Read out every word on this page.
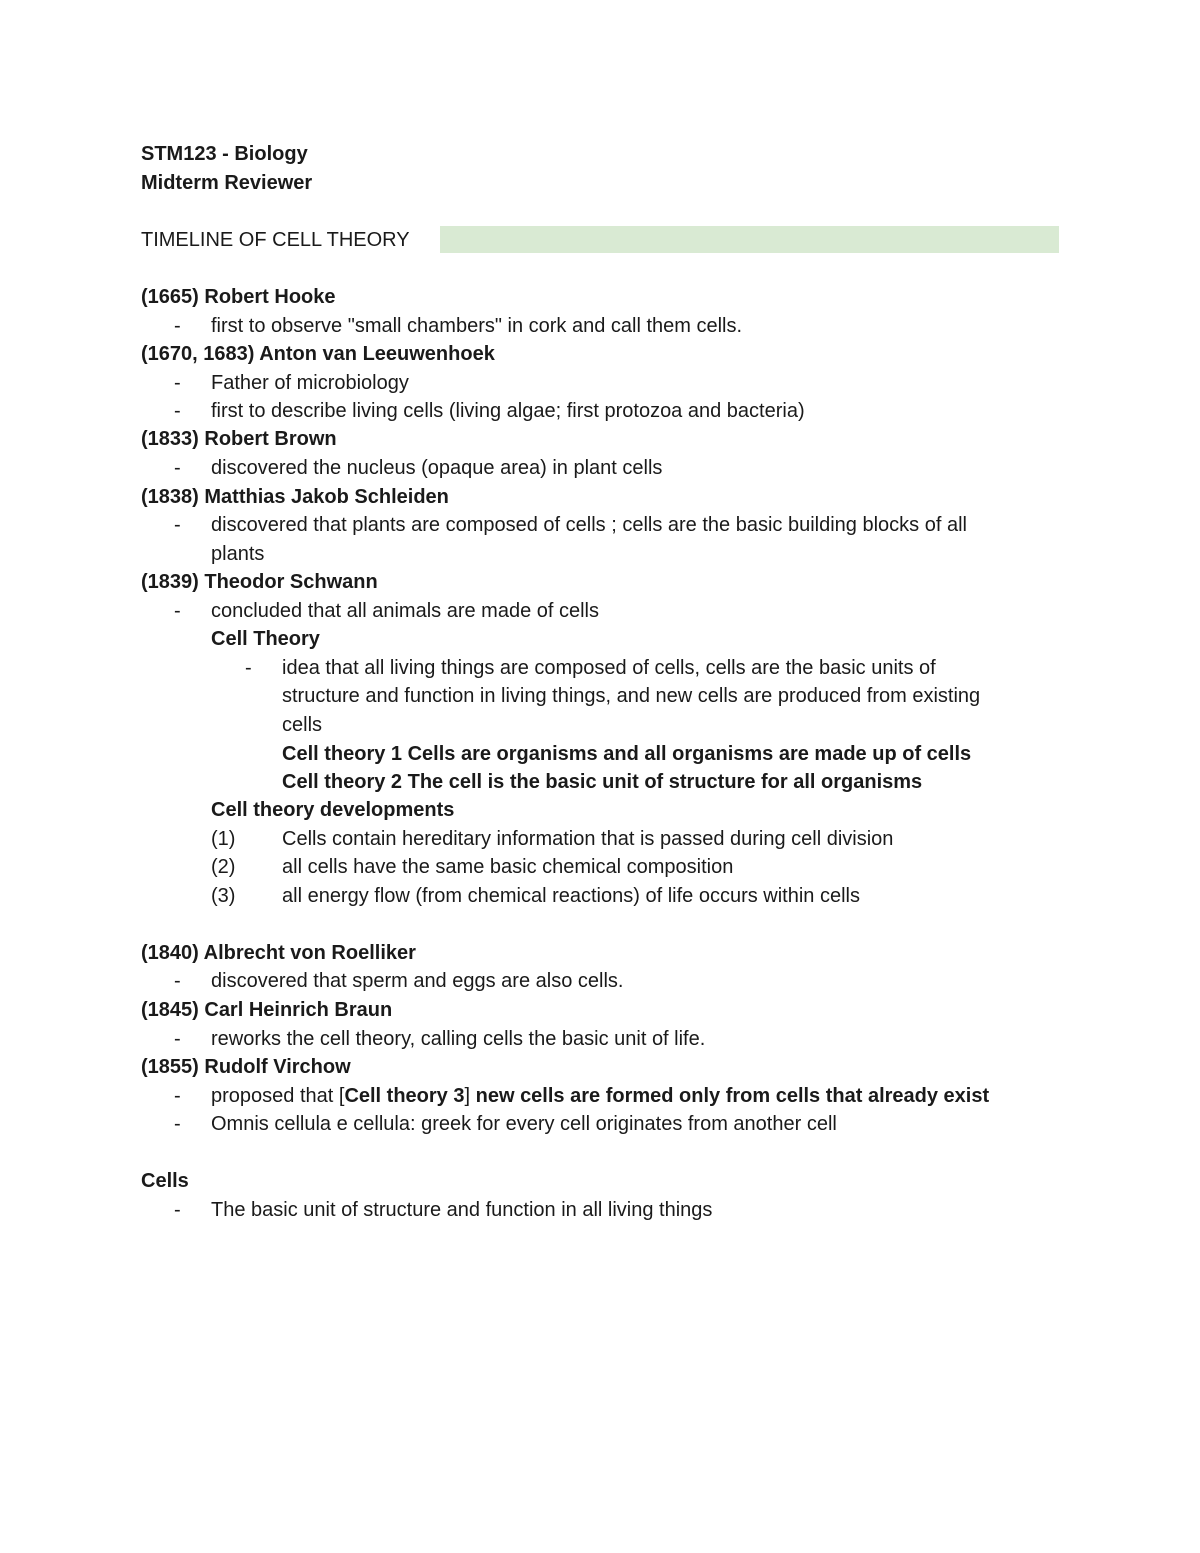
STM123 - Biology
Midterm Reviewer
TIMELINE OF CELL THEORY
(1665) Robert Hooke
- first to observe "small chambers" in cork and call them cells.
(1670, 1683) Anton van Leeuwenhoek
- Father of microbiology
- first to describe living cells (living algae; first protozoa and bacteria)
(1833) Robert Brown
- discovered the nucleus (opaque area) in plant cells
(1838) Matthias Jakob Schleiden
- discovered that plants are composed of cells ; cells are the basic building blocks of all
plants
(1839) Theodor Schwann
- concluded that all animals are made of cells
Cell Theory
- idea that all living things are composed of cells, cells are the basic units of
structure and function in living things, and new cells are produced from existing
cells
Cell theory 1 Cells are organisms and all organisms are made up of cells
Cell theory 2 The cell is the basic unit of structure for all organisms
Cell theory developments
(1) Cells contain hereditary information that is passed during cell division
(2) all cells have the same basic chemical composition
(3) all energy flow (from chemical reactions) of life occurs within cells
(1840) Albrecht von Roelliker
- discovered that sperm and eggs are also cells.
(1845) Carl Heinrich Braun
- reworks the cell theory, calling cells the basic unit of life.
(1855) Rudolf Virchow
- proposed that [Cell theory 3] new cells are formed only from cells that already exist
- Omnis cellula e cellula: greek for every cell originates from another cell
Cells
- The basic unit of structure and function in all living things
